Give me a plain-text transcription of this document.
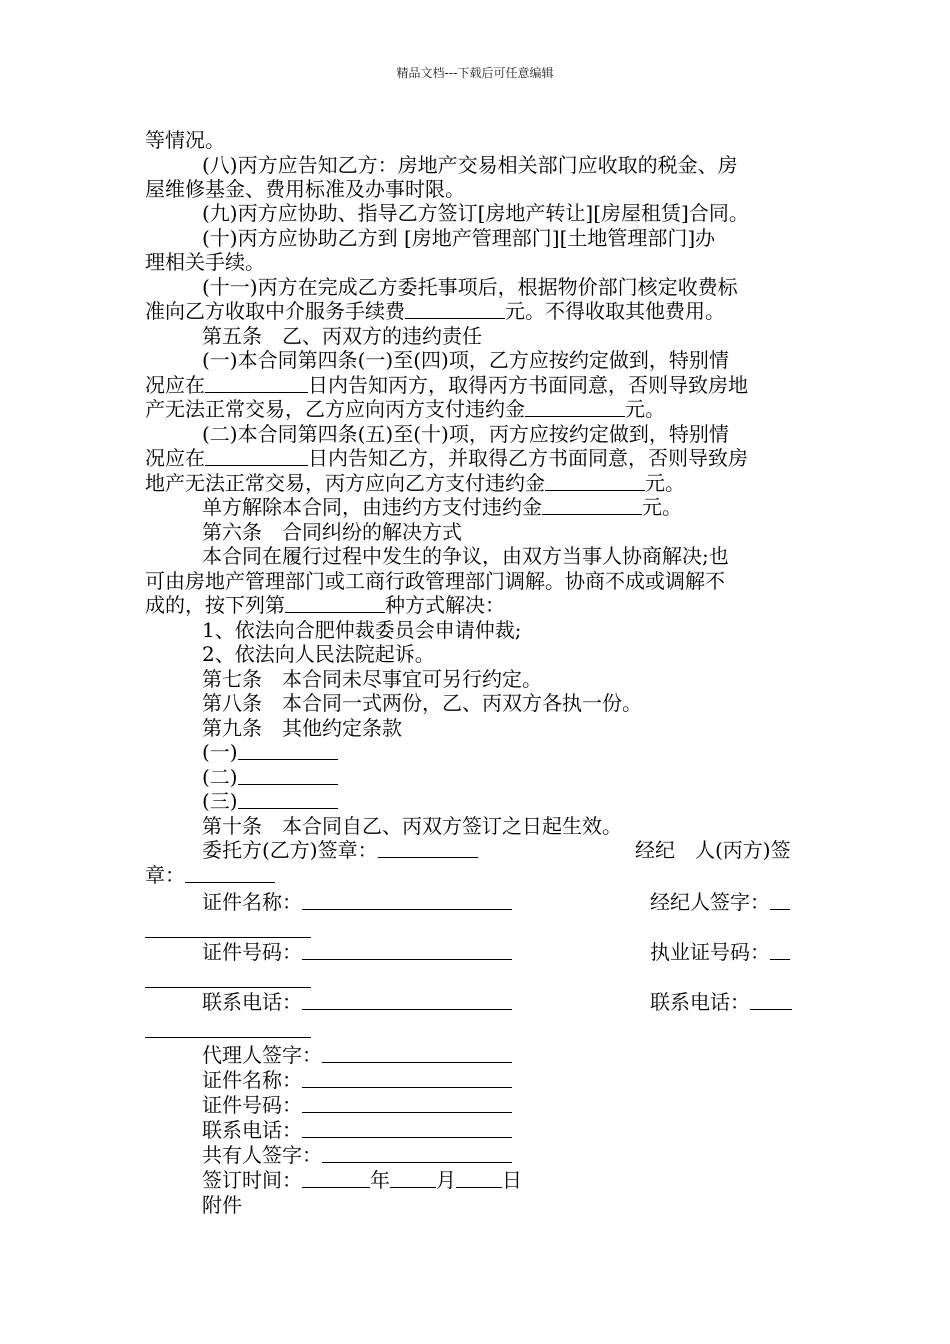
精品文档---下载后可任意编辑
等情况。
(八)丙方应告知乙方：房地产交易相关部门应收取的税金、房
屋维修基金、费用标准及办事时限。
(九)丙方应协助、指导乙方签订[房地产转让][房屋租赁]合同。
(十)丙方应协助乙方到 [房地产管理部门][土地管理部门]办
理相关手续。
(十一)丙方在完成乙方委托事项后，根据物价部门核定收费标
准向乙方收取中介服务手续费	元。不得收取其他费用。
第五条　乙、丙双方的违约责任
(一)本合同第四条(一)至(四)项，乙方应按约定做到，特别情
况应在	日内告知丙方，取得丙方书面同意，否则导致房地
产无法正常交易，乙方应向丙方支付违约金	元。
(二)本合同第四条(五)至(十)项，丙方应按约定做到，特别情
况应在	日内告知乙方，并取得乙方书面同意，否则导致房
地产无法正常交易，丙方应向乙方支付违约金	元。
单方解除本合同，由违约方支付违约金	元。
第六条　合同纠纷的解决方式
本合同在履行过程中发生的争议，由双方当事人协商解决;也
可由房地产管理部门或工商行政管理部门调解。协商不成或调解不
成的，按下列第	种方式解决：
1、依法向合肥仲裁委员会申请仲裁;
2、依法向人民法院起诉。
第七条　本合同未尽事宜可另行约定。
第八条　本合同一式两份，乙、丙双方各执一份。
第九条　其他约定条款
(一)
(二)
(三)
第十条　本合同自乙、丙双方签订之日起生效。
委托方(乙方)签章：	经纪　人(丙方)签
章：
证件名称：	经纪人签字：
证件号码：	执业证号码：
联系电话：	联系电话：
代理人签字：
证件名称：
证件号码：
联系电话：
共有人签字：
签订时间：	年 月 日
附件
